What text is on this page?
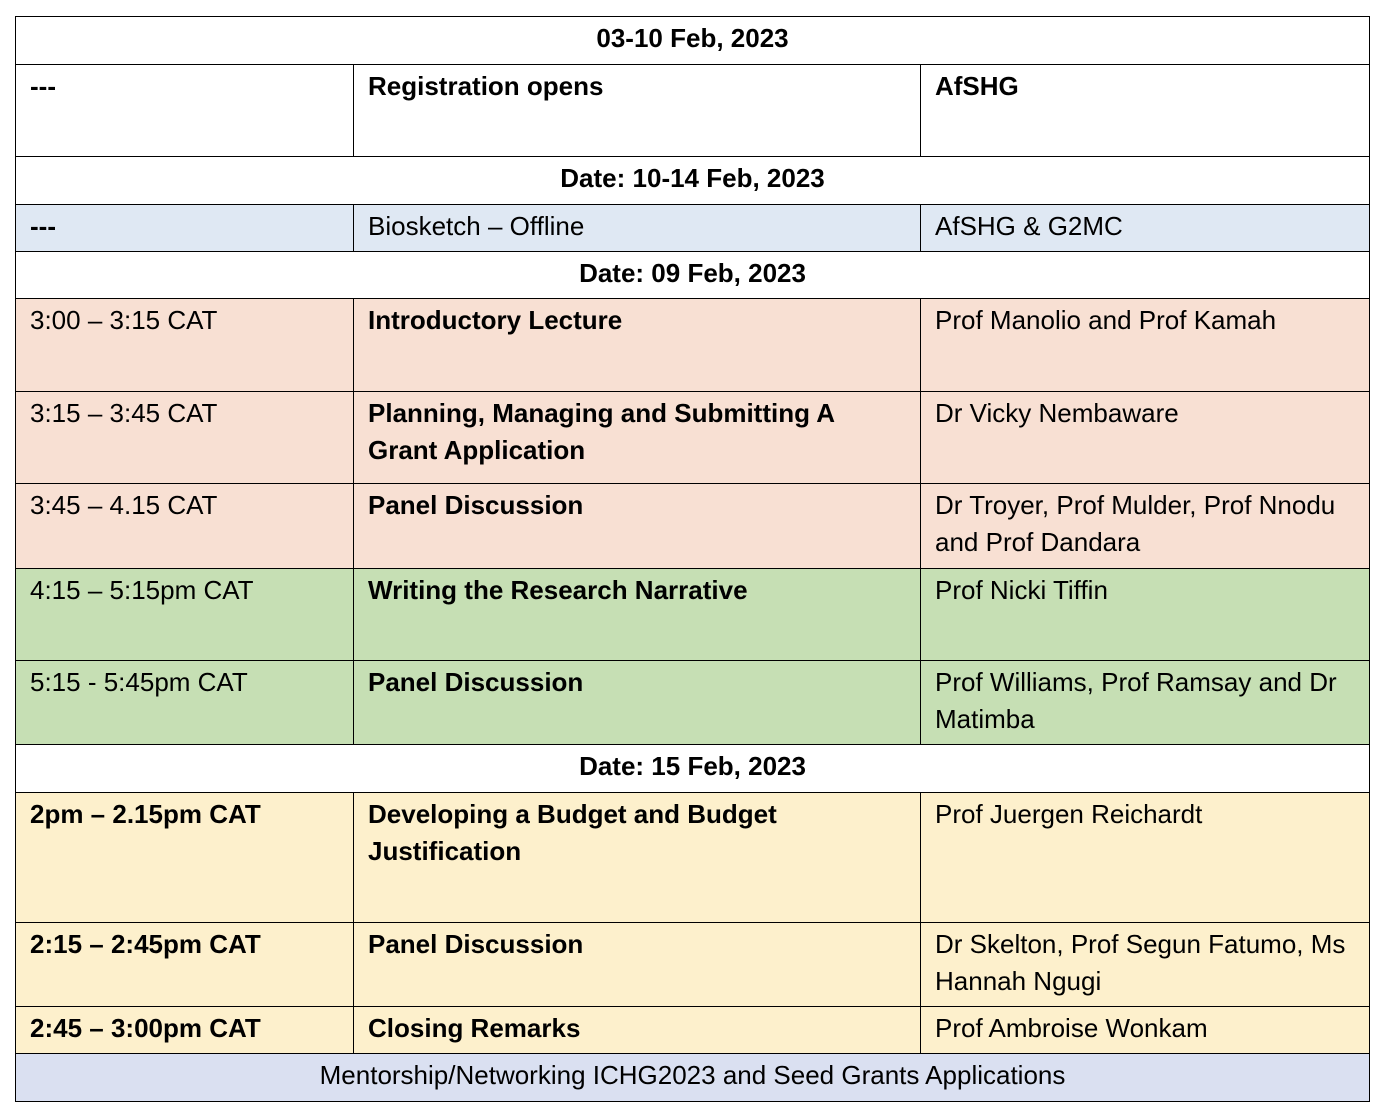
03-10 Feb, 2023		
---	Registration opens	AfSHG
Date: 10-14 Feb, 2023		
---	Biosketch – Offline	AfSHG & G2MC
Date: 09 Feb, 2023		
3:00 – 3:15 CAT	Introductory Lecture	Prof Manolio and Prof Kamah
3:15 – 3:45 CAT	Planning, Managing and Submitting A Grant Application	Dr Vicky Nembaware
3:45 – 4.15 CAT	Panel Discussion	Dr Troyer, Prof Mulder, Prof Nnodu and Prof Dandara
4:15 – 5:15pm CAT	Writing the Research Narrative	Prof Nicki Tiffin
5:15 - 5:45pm CAT	Panel Discussion	Prof Williams, Prof Ramsay and Dr Matimba
Date: 15 Feb, 2023		
2pm – 2.15pm CAT	Developing a Budget and Budget Justification	Prof Juergen Reichardt
2:15 – 2:45pm CAT	Panel Discussion	Dr Skelton, Prof Segun Fatumo, Ms Hannah Ngugi
2:45 – 3:00pm CAT	Closing Remarks	Prof Ambroise Wonkam
Mentorship/Networking ICHG2023 and Seed Grants Applications		
